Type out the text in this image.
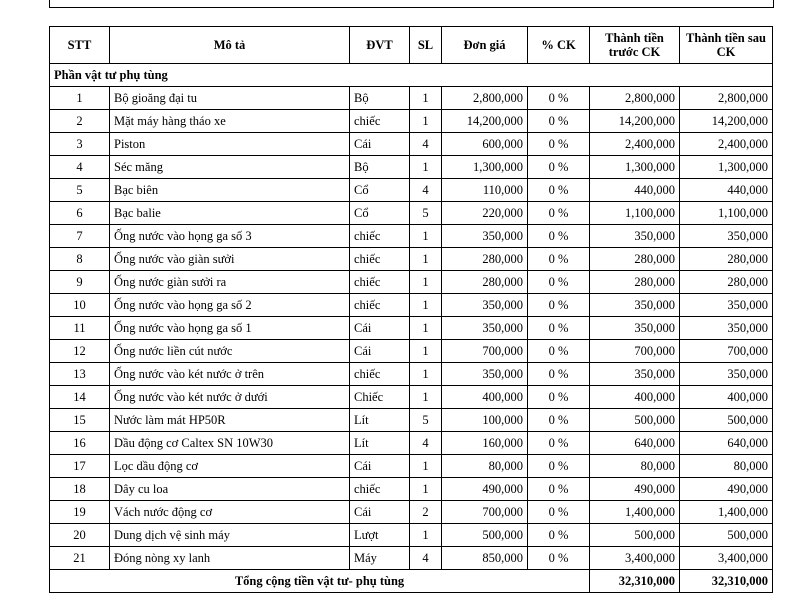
STT	Mô tả	ĐVT	SL	Đơn giá	% CK	Thành tiền trước CK	Thành tiền sau CK
Phần vật tư phụ tùng							
1	Bộ gioăng đại tu	Bộ	1	2,800,000	0 %	2,800,000	2,800,000
2	Mặt máy hàng tháo xe	chiếc	1	14,200,000	0 %	14,200,000	14,200,000
3	Piston	Cái	4	600,000	0 %	2,400,000	2,400,000
4	Séc măng	Bộ	1	1,300,000	0 %	1,300,000	1,300,000
5	Bạc biên	Cổ	4	110,000	0 %	440,000	440,000
6	Bạc balie	Cổ	5	220,000	0 %	1,100,000	1,100,000
7	Ống nước vào họng ga số 3	chiếc	1	350,000	0 %	350,000	350,000
8	Ống nước vào giàn sưởi	chiếc	1	280,000	0 %	280,000	280,000
9	Ống nước giàn sưởi ra	chiếc	1	280,000	0 %	280,000	280,000
10	Ống nước vào họng ga số 2	chiếc	1	350,000	0 %	350,000	350,000
11	Ống nước vào họng ga số 1	Cái	1	350,000	0 %	350,000	350,000
12	Ống nước liền cút nước	Cái	1	700,000	0 %	700,000	700,000
13	Ống nước vào két nước ở trên	chiếc	1	350,000	0 %	350,000	350,000
14	Ống nước vào két nước ở dưới	Chiếc	1	400,000	0 %	400,000	400,000
15	Nước làm mát HP50R	Lít	5	100,000	0 %	500,000	500,000
16	Dầu động cơ Caltex SN 10W30	Lít	4	160,000	0 %	640,000	640,000
17	Lọc dầu động cơ	Cái	1	80,000	0 %	80,000	80,000
18	Dây cu loa	chiếc	1	490,000	0 %	490,000	490,000
19	Vách nước động cơ	Cái	2	700,000	0 %	1,400,000	1,400,000
20	Dung dịch vệ sinh máy	Lượt	1	500,000	0 %	500,000	500,000
21	Đóng nòng xy lanh	Máy	4	850,000	0 %	3,400,000	3,400,000
Tổng cộng tiền vật tư- phụ tùng						32,310,000	32,310,000
